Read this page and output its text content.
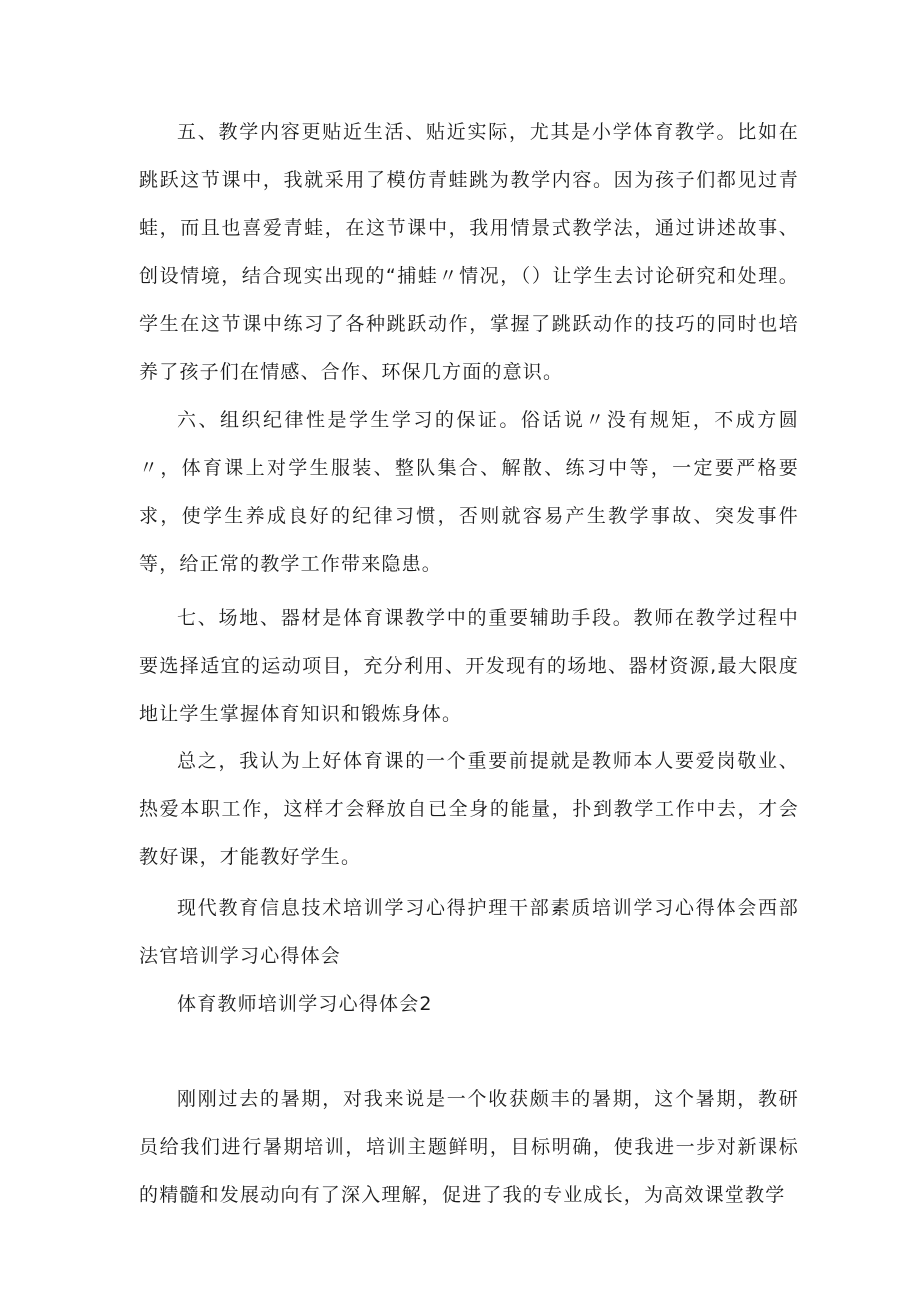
五、教学内容更贴近生活、贴近实际，尤其是小学体育教学。比如在跳跃这节课中，我就采用了模仿青蛙跳为教学内容。因为孩子们都见过青蛙，而且也喜爱青蛙，在这节课中，我用情景式教学法，通过讲述故事、创设情境，结合现实出现的“捕蛙〃情况，（）让学生去讨论研究和处理。学生在这节课中练习了各种跳跃动作，掌握了跳跃动作的技巧的同时也培养了孩子们在情感、合作、环保几方面的意识。

六、组织纪律性是学生学习的保证。俗话说〃没有规矩，不成方圆〃，体育课上对学生服装、整队集合、解散、练习中等，一定要严格要求，使学生养成良好的纪律习惯，否则就容易产生教学事故、突发事件等，给正常的教学工作带来隐患。

七、场地、器材是体育课教学中的重要辅助手段。教师在教学过程中要选择适宜的运动项目，充分利用、开发现有的场地、器材资源,最大限度地让学生掌握体育知识和锻炼身体。

总之，我认为上好体育课的一个重要前提就是教师本人要爱岗敬业、热爱本职工作，这样才会释放自已全身的能量，扑到教学工作中去，才会教好课，才能教好学生。

现代教育信息技术培训学习心得护理干部素质培训学习心得体会西部法官培训学习心得体会

体育教师培训学习心得体会2

刚刚过去的暑期，对我来说是一个收获颇丰的暑期，这个暑期，教研员给我们进行暑期培训，培训主题鲜明，目标明确，使我进一步对新课标的精髓和发展动向有了深入理解，促进了我的专业成长，为高效课堂教学
